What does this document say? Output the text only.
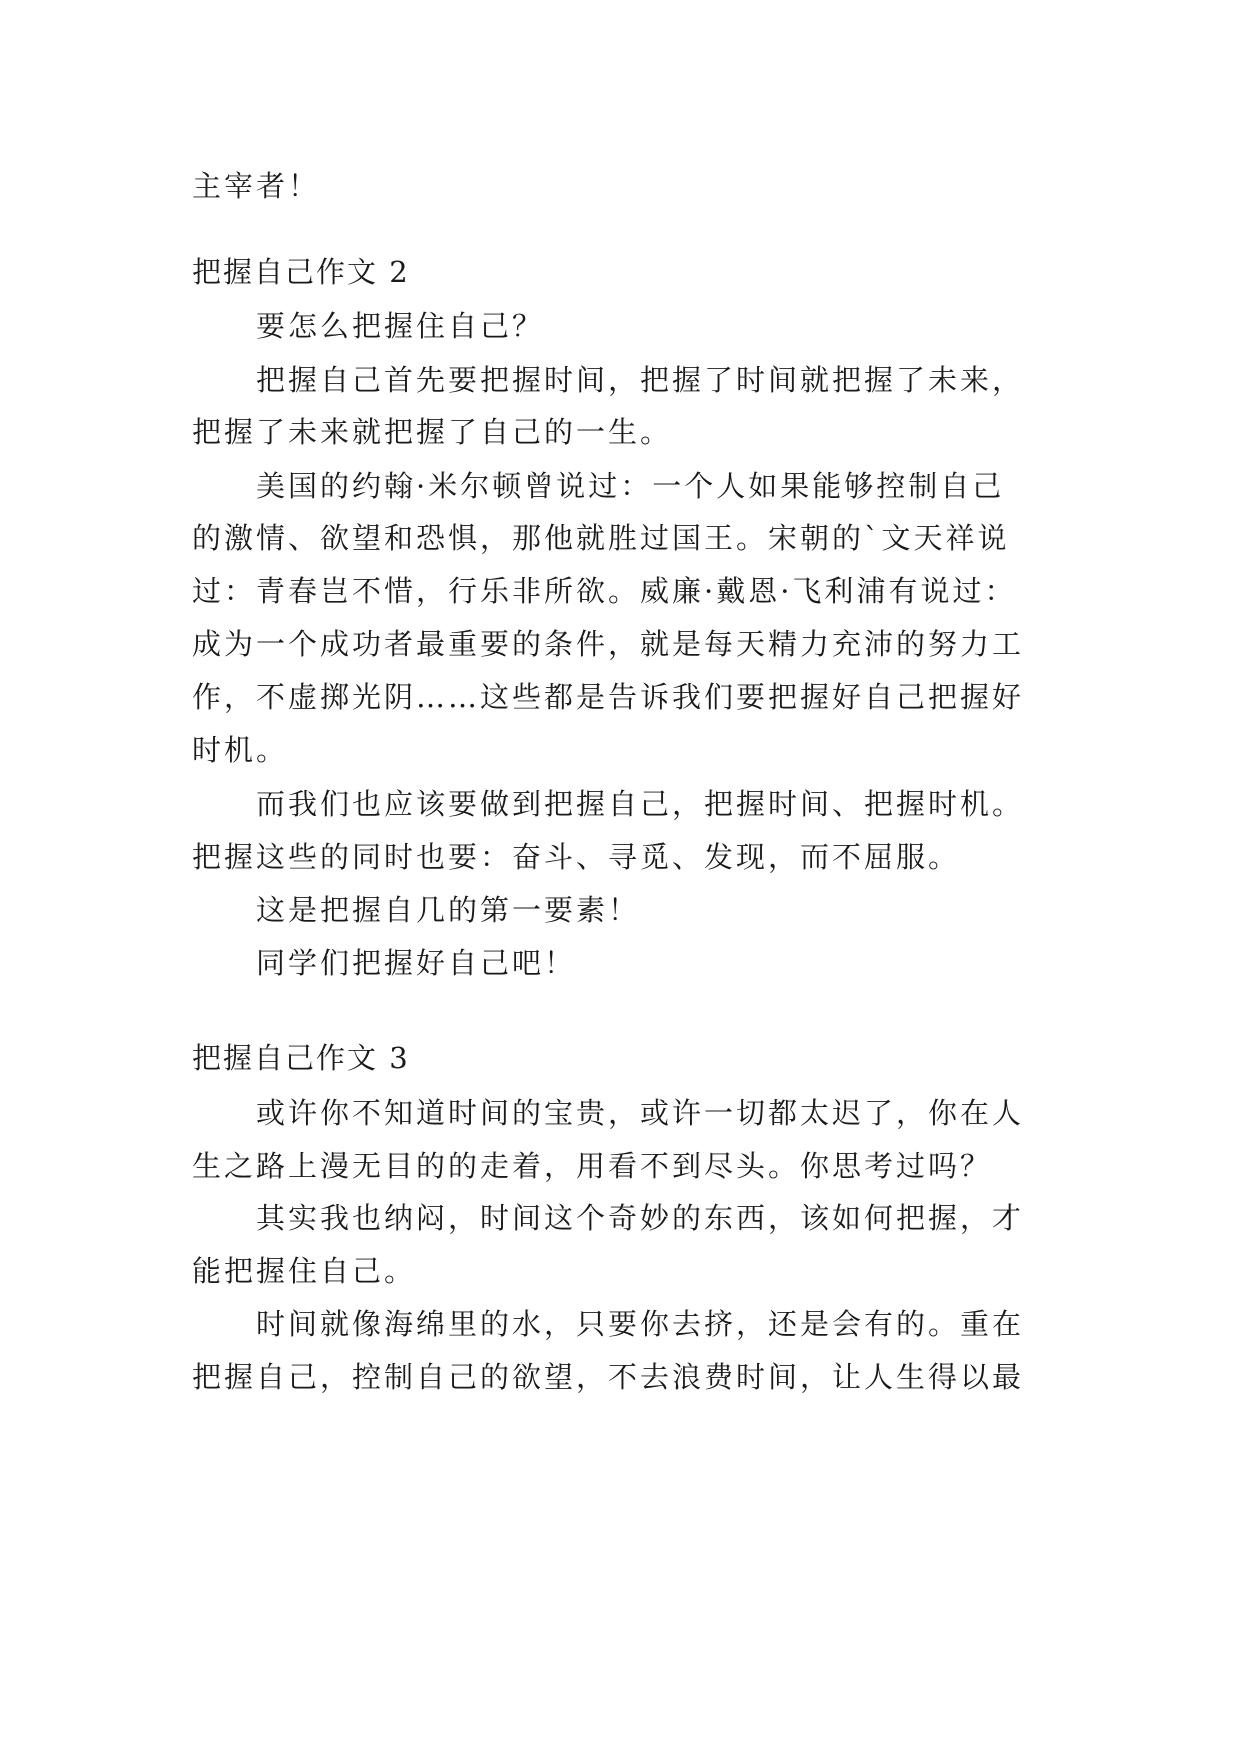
主宰者！

把握自己作文 2

要怎么把握住自己？

把握自己首先要把握时间，把握了时间就把握了未来，

把握了未来就把握了自己的一生。

美国的约翰·米尔顿曾说过：一个人如果能够控制自己

的激情、欲望和恐惧，那他就胜过国王。宋朝的`文天祥说

过：青春岂不惜，行乐非所欲。威廉·戴恩·飞利浦有说过：

成为一个成功者最重要的条件，就是每天精力充沛的努力工

作，不虚掷光阴……这些都是告诉我们要把握好自己把握好

时机。

而我们也应该要做到把握自己，把握时间、把握时机。

把握这些的同时也要：奋斗、寻觅、发现，而不屈服。

这是把握自几的第一要素！

同学们把握好自己吧！

把握自己作文 3

或许你不知道时间的宝贵，或许一切都太迟了，你在人

生之路上漫无目的的走着，用看不到尽头。你思考过吗？

其实我也纳闷，时间这个奇妙的东西，该如何把握，才

能把握住自己。

时间就像海绵里的水，只要你去挤，还是会有的。重在

把握自己，控制自己的欲望，不去浪费时间，让人生得以最
